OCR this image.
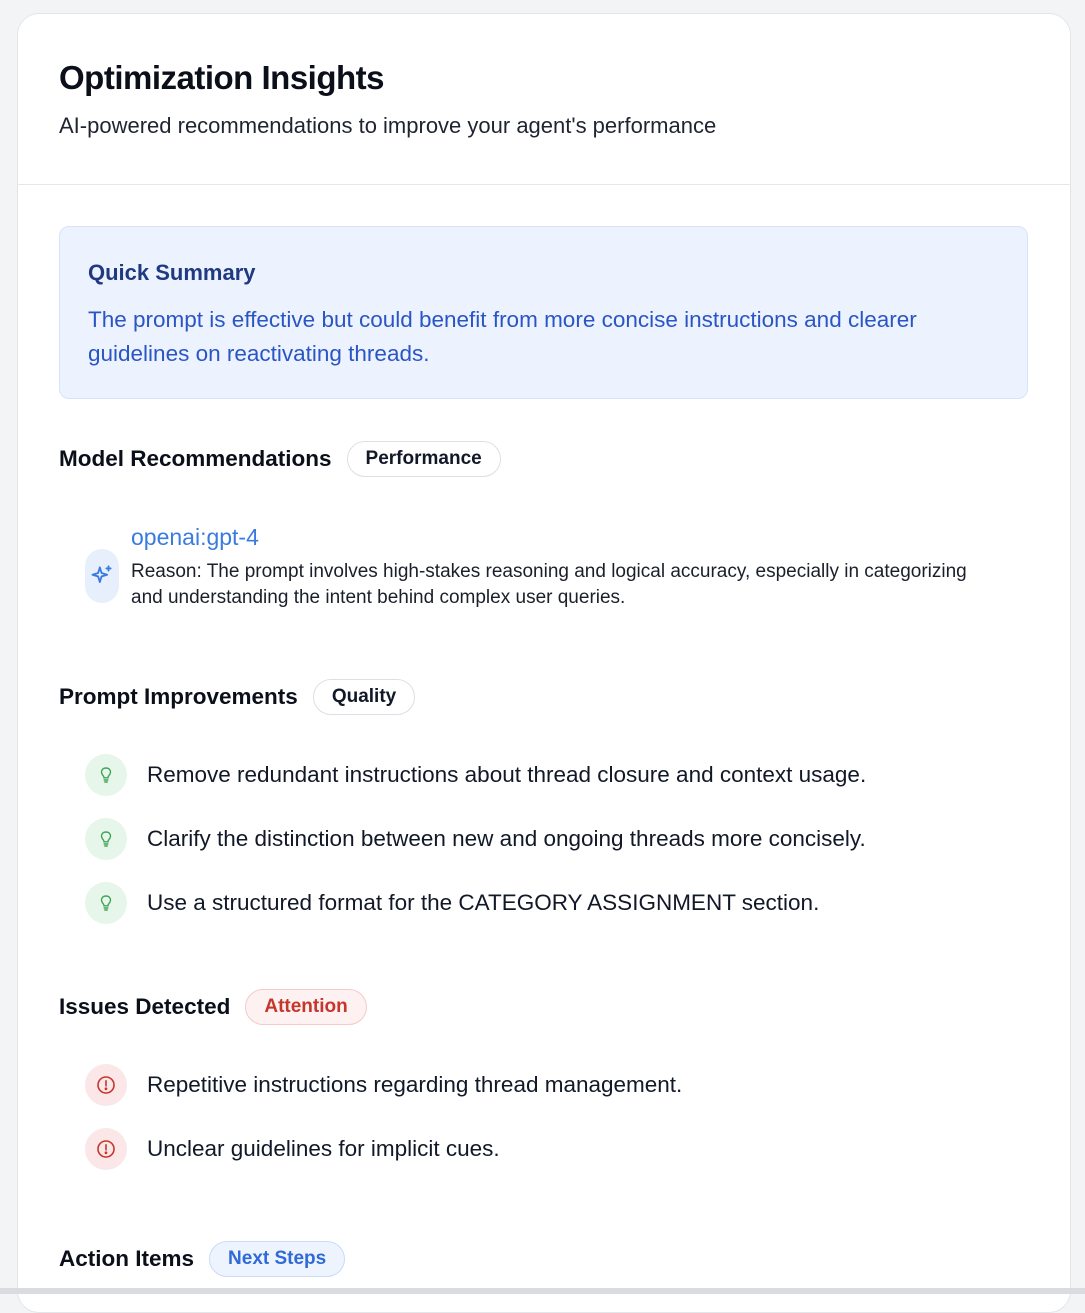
Optimization Insights
AI-powered recommendations to improve your agent's performance
Quick Summary
The prompt is effective but could benefit from more concise instructions and clearer guidelines on reactivating threads.
Model Recommendations	Performance
openai:gpt-4
Reason: The prompt involves high-stakes reasoning and logical accuracy, especially in categorizing and understanding the intent behind complex user queries.
Prompt Improvements	Quality
Remove redundant instructions about thread closure and context usage.
Clarify the distinction between new and ongoing threads more concisely.
Use a structured format for the CATEGORY ASSIGNMENT section.
Issues Detected	Attention
Repetitive instructions regarding thread management.
Unclear guidelines for implicit cues.
Action Items	Next Steps
